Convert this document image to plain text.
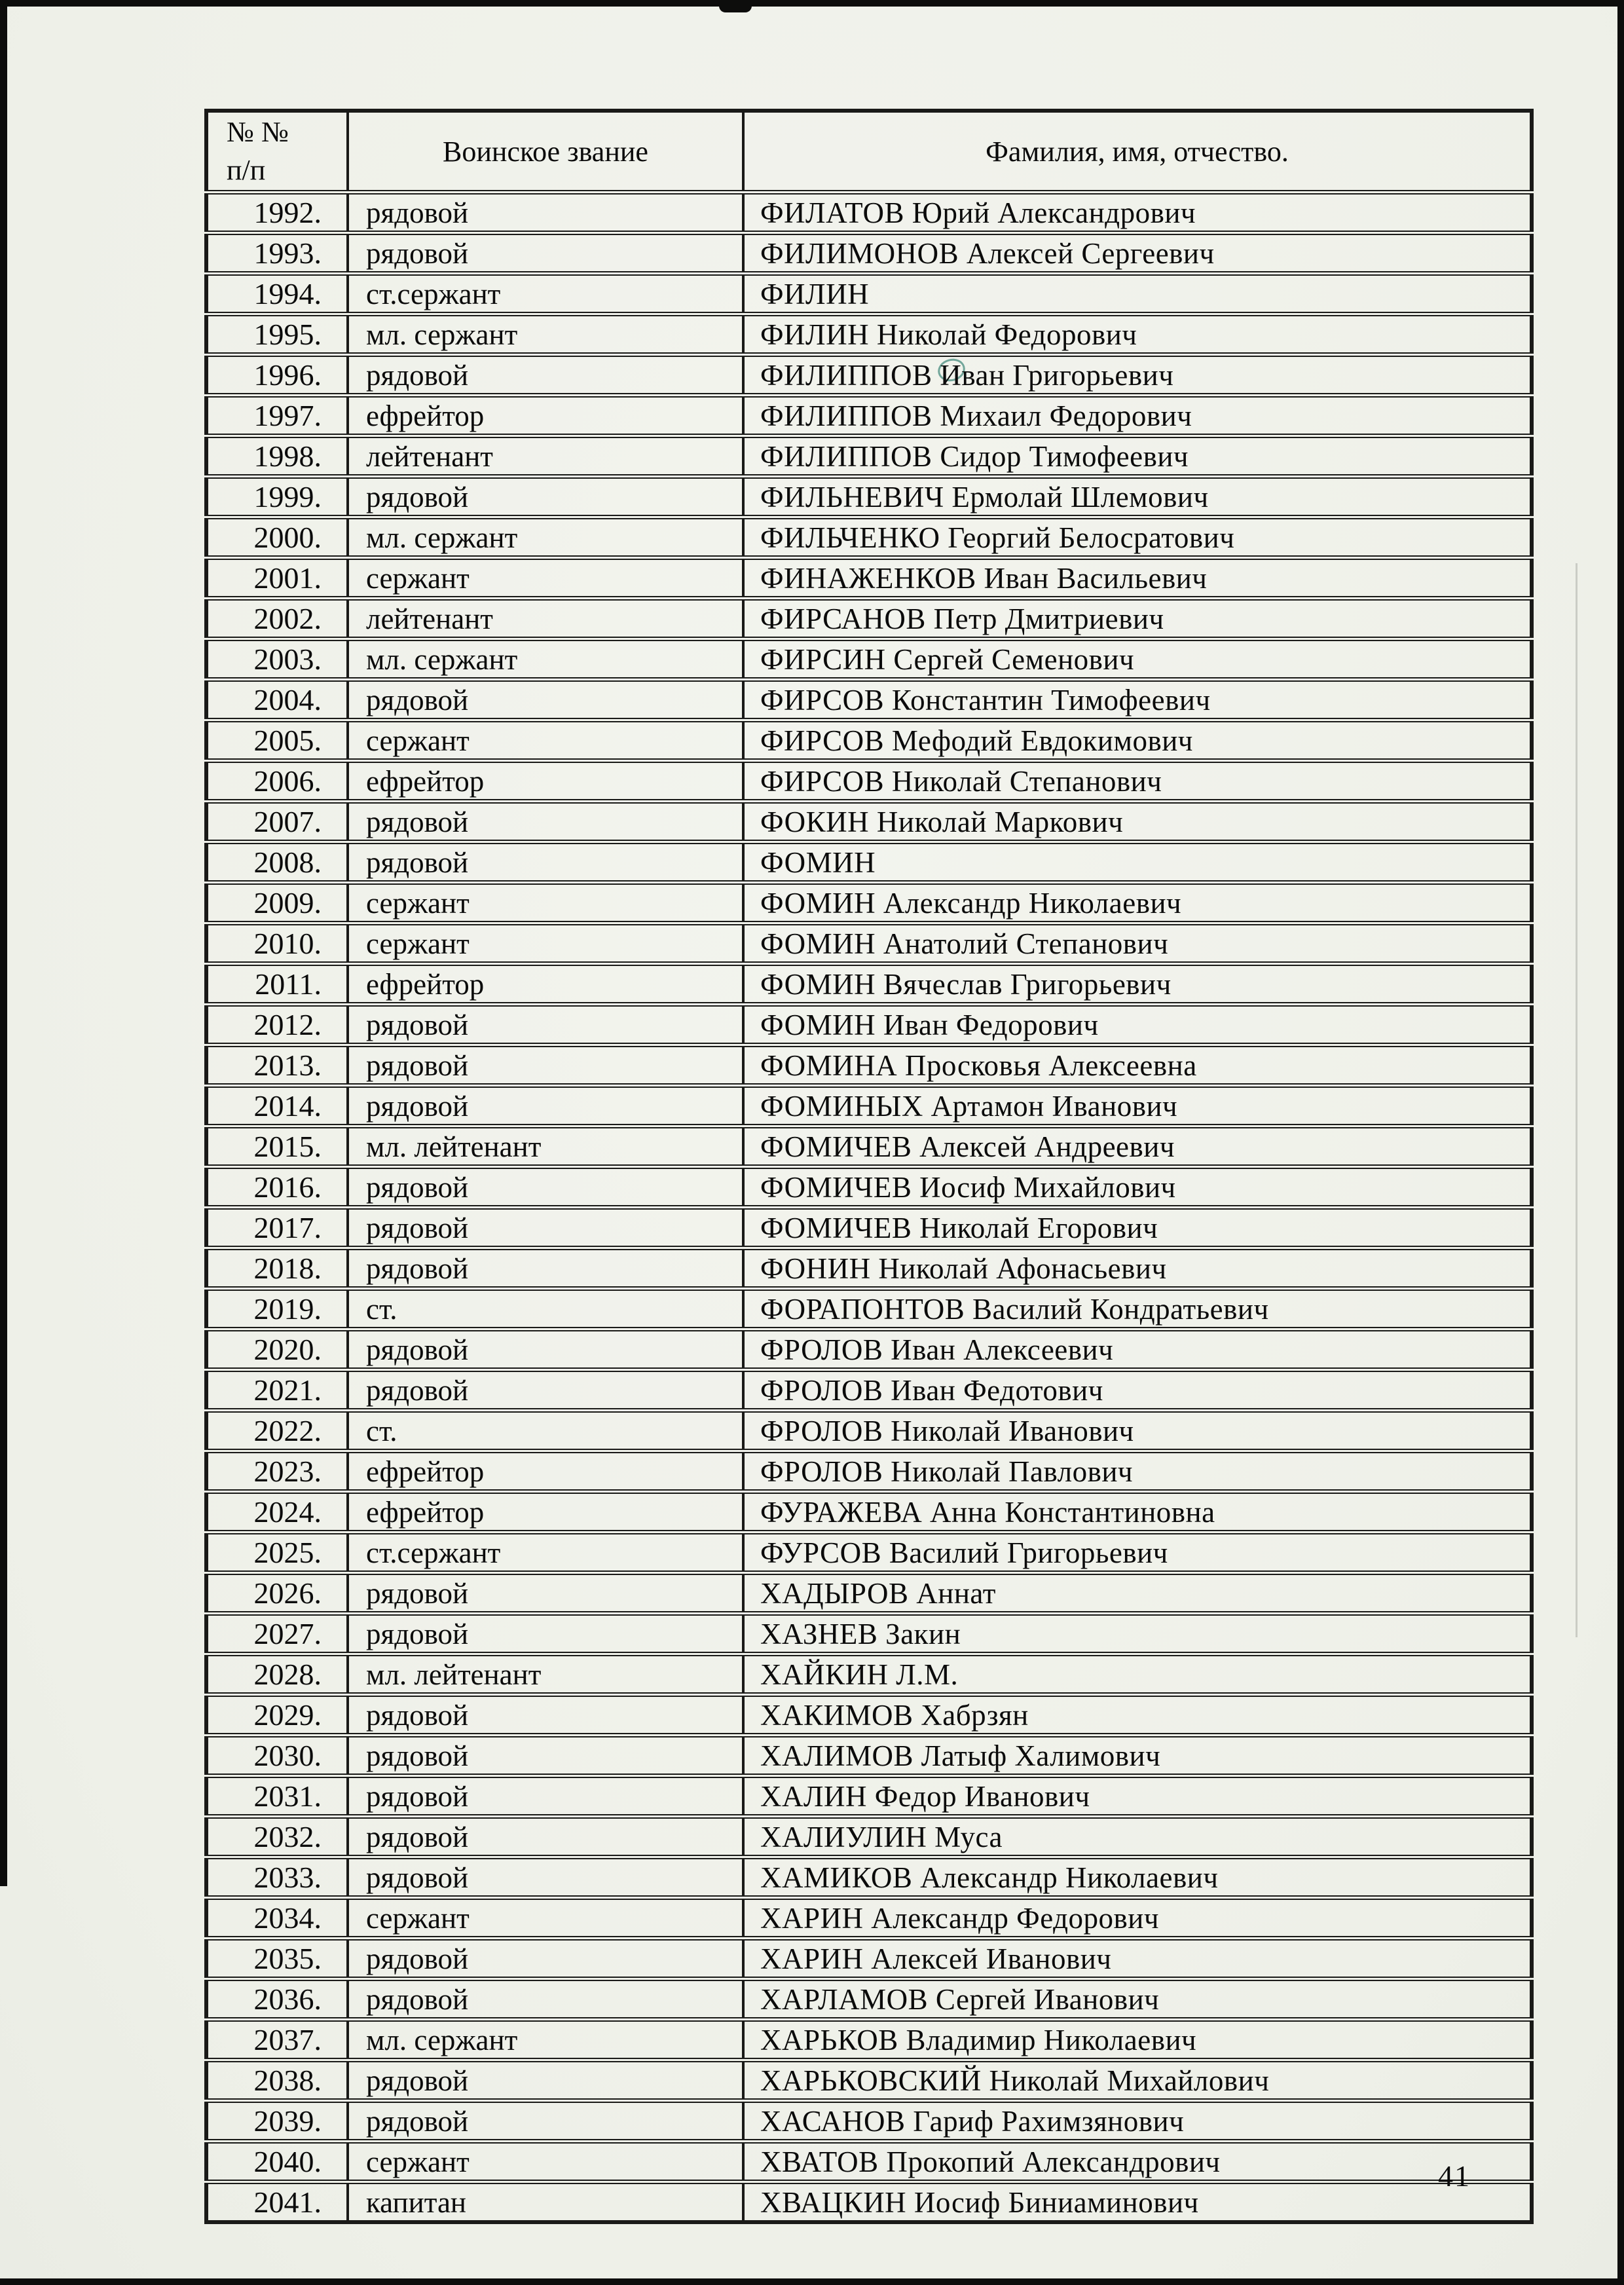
№ №
п/п	Воинское звание	Фамилия, имя, отчество.
1992.	рядовой	ФИЛАТОВ Юрий Александрович
1993.	рядовой	ФИЛИМОНОВ Алексей Сергеевич
1994.	ст.сержант	ФИЛИН
1995.	мл. сержант	ФИЛИН Николай Федорович
1996.	рядовой	ФИЛИППОВ Иван Григорьевич
1997.	ефрейтор	ФИЛИППОВ Михаил Федорович
1998.	лейтенант	ФИЛИППОВ Сидор Тимофеевич
1999.	рядовой	ФИЛЬНЕВИЧ Ермолай Шлемович
2000.	мл. сержант	ФИЛЬЧЕНКО Георгий Белосратович
2001.	сержант	ФИНАЖЕНКОВ Иван Васильевич
2002.	лейтенант	ФИРСАНОВ Петр Дмитриевич
2003.	мл. сержант	ФИРСИН Сергей Семенович
2004.	рядовой	ФИРСОВ Константин Тимофеевич
2005.	сержант	ФИРСОВ Мефодий Евдокимович
2006.	ефрейтор	ФИРСОВ Николай Степанович
2007.	рядовой	ФОКИН Николай Маркович
2008.	рядовой	ФОМИН
2009.	сержант	ФОМИН Александр Николаевич
2010.	сержант	ФОМИН Анатолий Степанович
2011.	ефрейтор	ФОМИН Вячеслав Григорьевич
2012.	рядовой	ФОМИН Иван Федорович
2013.	рядовой	ФОМИНА Просковья Алексеевна
2014.	рядовой	ФОМИНЫХ Артамон Иванович
2015.	мл. лейтенант	ФОМИЧЕВ Алексей Андреевич
2016.	рядовой	ФОМИЧЕВ Иосиф Михайлович
2017.	рядовой	ФОМИЧЕВ Николай Егорович
2018.	рядовой	ФОНИН Николай Афонасьевич
2019.	ст.	ФОРАПОНТОВ Василий Кондратьевич
2020.	рядовой	ФРОЛОВ Иван Алексеевич
2021.	рядовой	ФРОЛОВ Иван Федотович
2022.	ст.	ФРОЛОВ Николай Иванович
2023.	ефрейтор	ФРОЛОВ Николай Павлович
2024.	ефрейтор	ФУРАЖЕВА Анна Константиновна
2025.	ст.сержант	ФУРСОВ Василий Григорьевич
2026.	рядовой	ХАДЫРОВ Аннат
2027.	рядовой	ХАЗНЕВ Закин
2028.	мл. лейтенант	ХАЙКИН Л.М.
2029.	рядовой	ХАКИМОВ Хабрзян
2030.	рядовой	ХАЛИМОВ Латыф Халимович
2031.	рядовой	ХАЛИН Федор Иванович
2032.	рядовой	ХАЛИУЛИН Муса
2033.	рядовой	ХАМИКОВ Александр Николаевич
2034.	сержант	ХАРИН Александр Федорович
2035.	рядовой	ХАРИН Алексей Иванович
2036.	рядовой	ХАРЛАМОВ Сергей Иванович
2037.	мл. сержант	ХАРЬКОВ Владимир Николаевич
2038.	рядовой	ХАРЬКОВСКИЙ Николай Михайлович
2039.	рядовой	ХАСАНОВ Гариф Рахимзянович
2040.	сержант	ХВАТОВ Прокопий Александрович
2041.	капитан	ХВАЦКИН Иосиф Биниаминович
41
